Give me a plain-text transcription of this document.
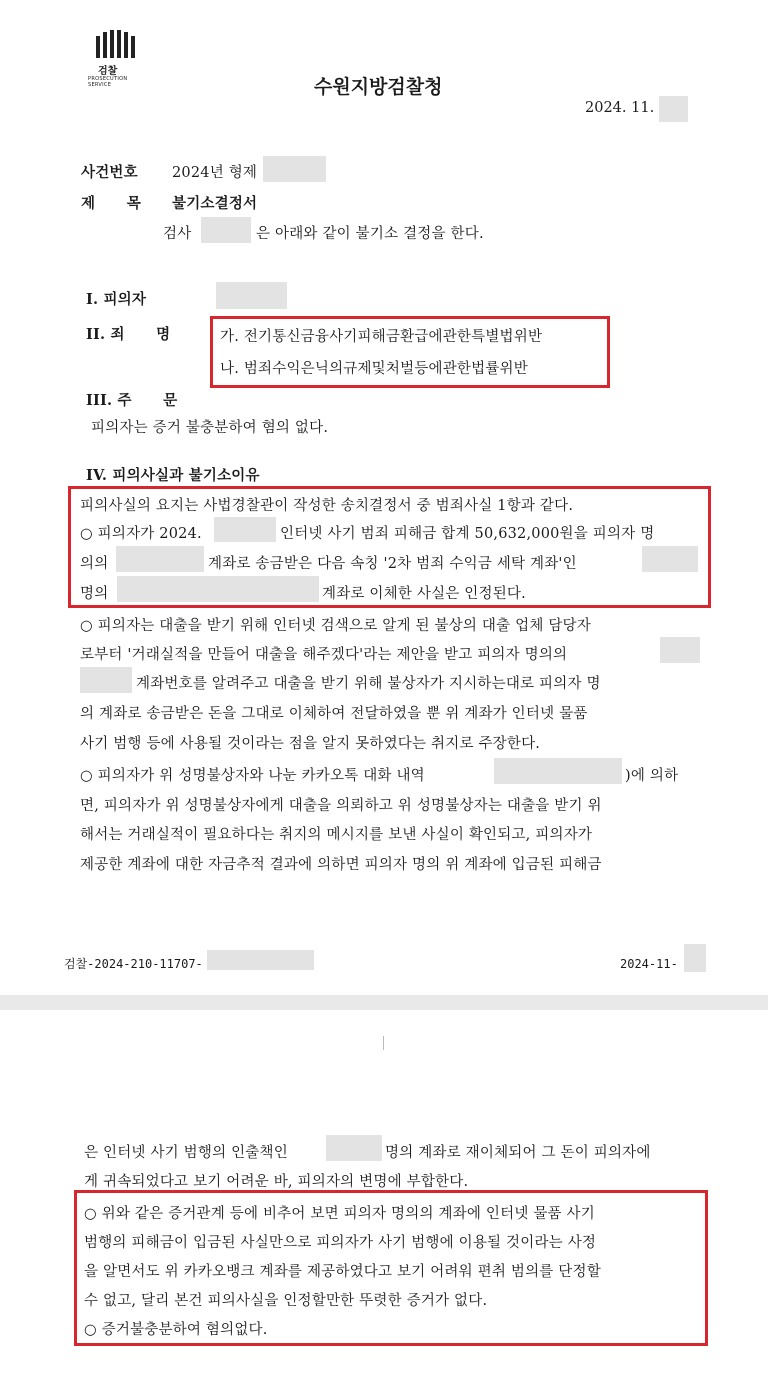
검찰
PROSECUTION SERVICE	수원지방검찰청
2024. 11.
사건번호 2024년 형제
제      목 불기소결정서
검사	은 아래와 같이 불기소 결정을 한다.
I. 피의자
II. 죄      명	가. 전기통신금융사기피해금환급에관한특별법위반
나. 범죄수익은닉의규제및처벌등에관한법률위반
III. 주      문
피의자는 증거 불충분하여 혐의 없다.
IV. 피의사실과 불기소이유
피의사실의 요지는 사법경찰관이 작성한 송치결정서 중 범죄사실 1항과 같다.
○ 피의자가 2024.	인터넷 사기 범죄 피해금 합계 50,632,000원을 피의자 명
의의	계좌로 송금받은 다음 속칭 '2차 범죄 수익금 세탁 계좌'인
명의	계좌로 이체한 사실은 인정된다.
○ 피의자는 대출을 받기 위해 인터넷 검색으로 알게 된 불상의 대출 업체 담당자
로부터 '거래실적을 만들어 대출을 해주겠다'라는 제안을 받고 피의자 명의의
계좌번호를 알려주고 대출을 받기 위해 불상자가 지시하는대로 피의자 명
의 계좌로 송금받은 돈을 그대로 이체하여 전달하였을 뿐 위 계좌가 인터넷 물품
사기 범행 등에 사용될 것이라는 점을 알지 못하였다는 취지로 주장한다.
○ 피의자가 위 성명불상자와 나눈 카카오톡 대화 내역	)에 의하
면, 피의자가 위 성명불상자에게 대출을 의뢰하고 위 성명불상자는 대출을 받기 위
해서는 거래실적이 필요하다는 취지의 메시지를 보낸 사실이 확인되고, 피의자가
제공한 계좌에 대한 자금추적 결과에 의하면 피의자 명의 위 계좌에 입금된 피해금
검찰-2024-210-11707-	2024-11-
은 인터넷 사기 범행의 인출책인	명의 계좌로 재이체되어 그 돈이 피의자에
게 귀속되었다고 보기 어려운 바, 피의자의 변명에 부합한다.
○ 위와 같은 증거관계 등에 비추어 보면 피의자 명의의 계좌에 인터넷 물품 사기
범행의 피해금이 입금된 사실만으로 피의자가 사기 범행에 이용될 것이라는 사정
을 알면서도 위 카카오뱅크 계좌를 제공하였다고 보기 어려워 편취 범의를 단정할
수 없고, 달리 본건 피의사실을 인정할만한 뚜렷한 증거가 없다.
○ 증거불충분하여 혐의없다.
